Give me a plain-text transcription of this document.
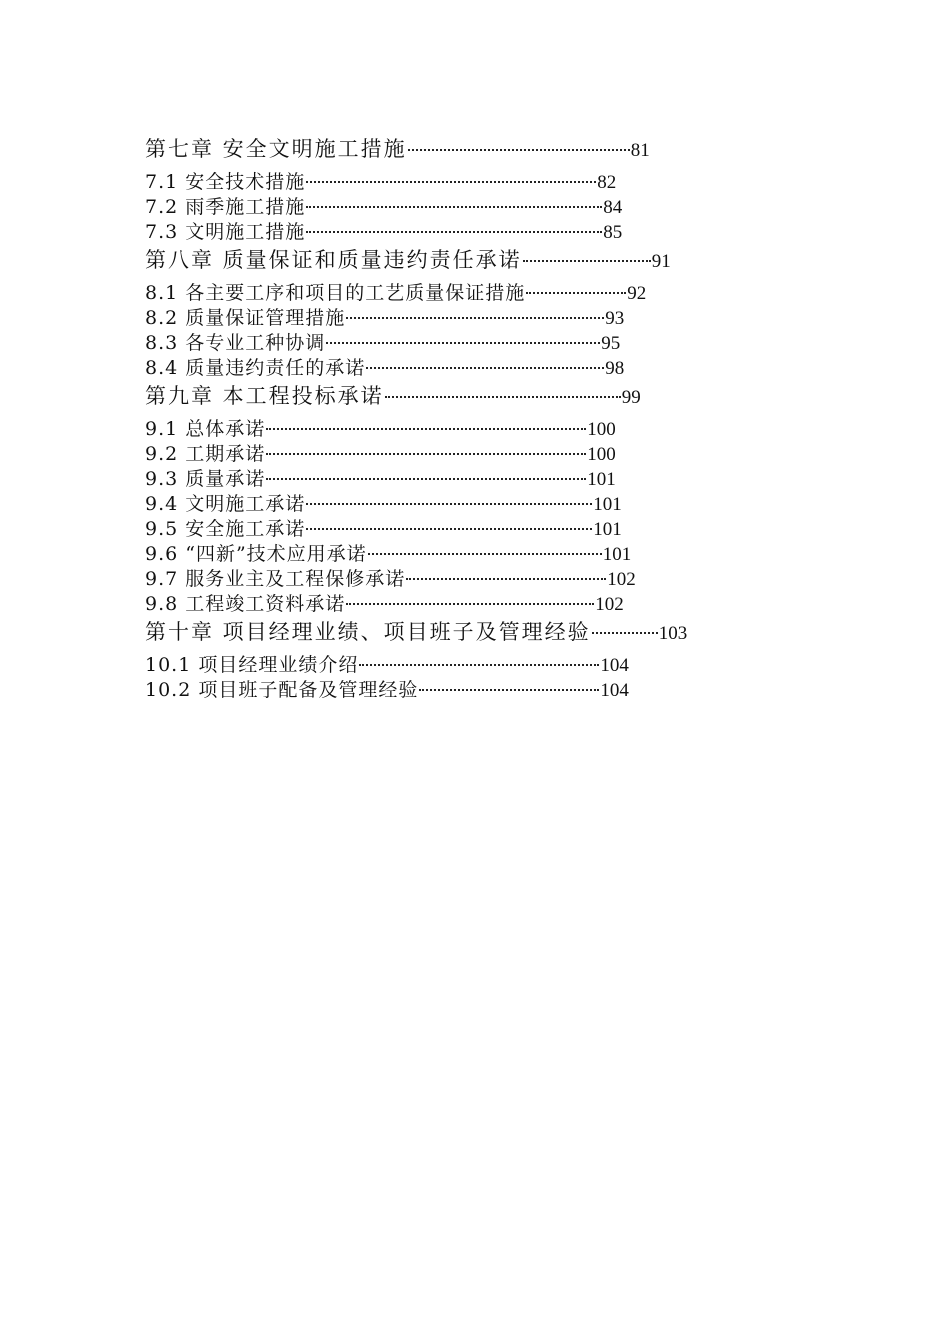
第七章 安全文明施工措施	81
7.1 安全技术措施	82
7.2 雨季施工措施	84
7.3 文明施工措施	85
第八章 质量保证和质量违约责任承诺	91
8.1 各主要工序和项目的工艺质量保证措施	92
8.2 质量保证管理措施	93
8.3 各专业工种协调	95
8.4 质量违约责任的承诺	98
第九章 本工程投标承诺	99
9.1 总体承诺	100
9.2 工期承诺	100
9.3 质量承诺	101
9.4 文明施工承诺	101
9.5 安全施工承诺	101
9.6 “四新”技术应用承诺	101
9.7 服务业主及工程保修承诺	102
9.8 工程竣工资料承诺	102
第十章 项目经理业绩、项目班子及管理经验	103
10.1 项目经理业绩介绍	104
10.2 项目班子配备及管理经验	104
